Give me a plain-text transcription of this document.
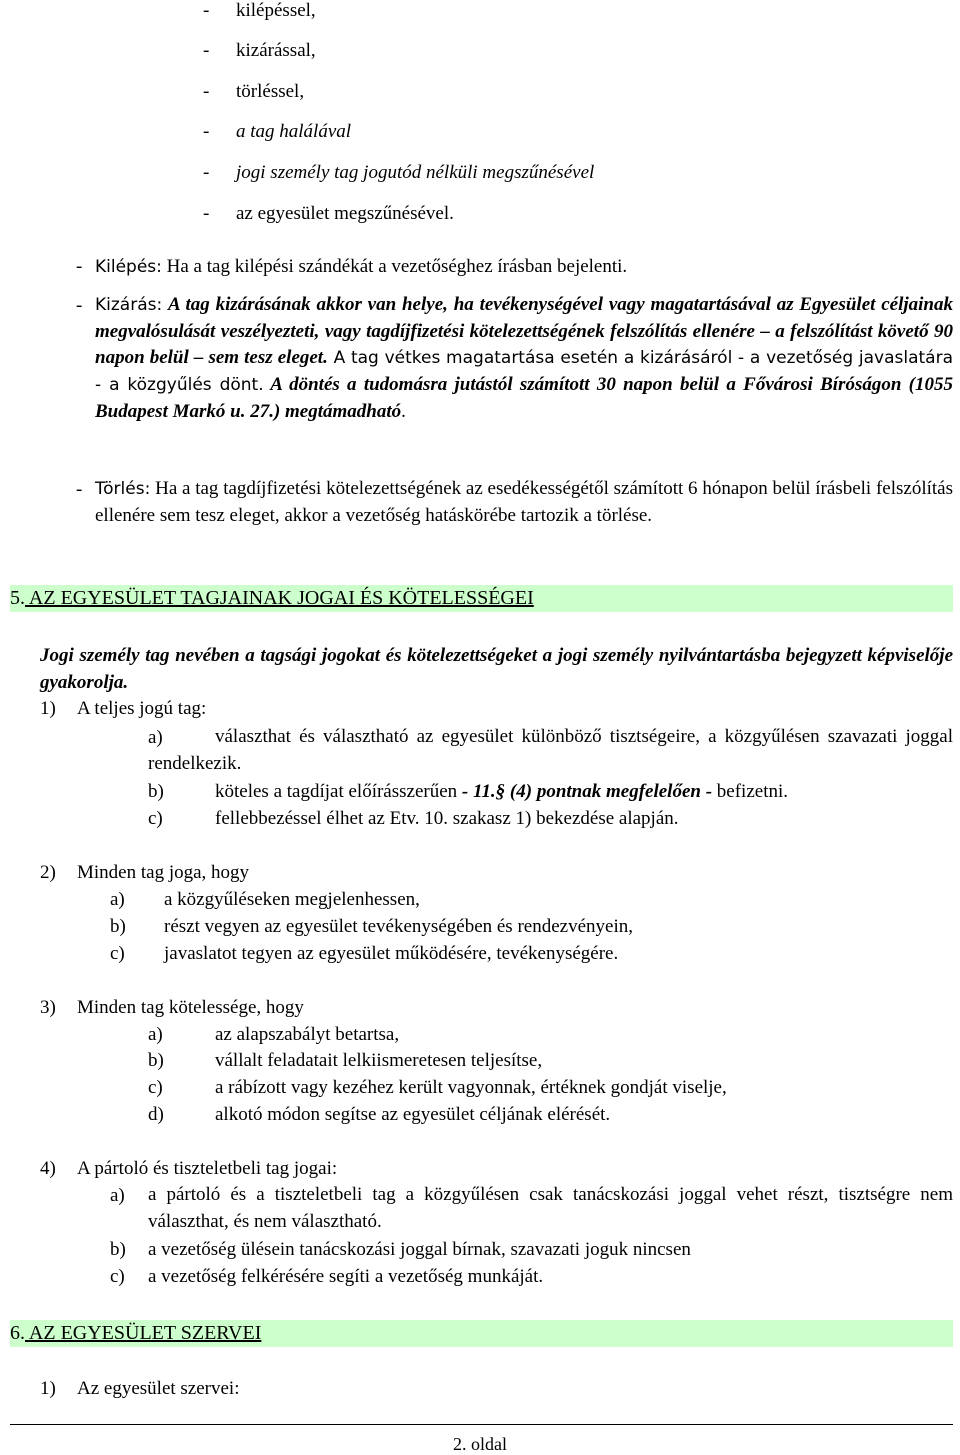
- kilépéssel,
- kizárással,
- törléssel,
- a tag halálával
- jogi személy tag jogutód nélküli megszűnésével
- az egyesület megszűnésével.
- Kilépés: Ha a tag kilépési szándékát a vezetőséghez írásban bejelenti.
- Kizárás: A tag kizárásának akkor van helye, ha tevékenységével vagy magatartásával az Egyesület céljainak megvalósulását veszélyezteti, vagy tagdíjfizetési kötelezettségének felszólítás ellenére – a felszólítást követő 90 napon belül – sem tesz eleget. A tag vétkes magatartása esetén a kizárásáról - a vezetőség javaslatára - a közgyűlés dönt. A döntés a tudomásra jutástól számított 30 napon belül a Fővárosi Bíróságon (1055 Budapest Markó u. 27.) megtámadható.
- Törlés: Ha a tag tagdíjfizetési kötelezettségének az esedékességétől számított 6 hónapon belül írásbeli felszólítás ellenére sem tesz eleget, akkor a vezetőség hatáskörébe tartozik a törlése.
5. AZ EGYESÜLET TAGJAINAK JOGAI ÉS KÖTELESSÉGEI
Jogi személy tag nevében a tagsági jogokat és kötelezettségeket a jogi személy nyilvántartásba bejegyzett képviselője gyakorolja.
1) A teljes jogú tag:
a)	választhat és választható az egyesület különböző tisztségeire, a közgyűlésen szavazati joggal rendelkezik.
b)	köteles a tagdíjat előírásszerűen - 11.§ (4) pontnak megfelelően - befizetni.
c)	fellebbezéssel élhet az Etv. 10. szakasz 1) bekezdése alapján.
2) Minden tag joga, hogy
a) a közgyűléseken megjelenhessen,
b) részt vegyen az egyesület tevékenységében és rendezvényein,
c) javaslatot tegyen az egyesület működésére, tevékenységére.
3) Minden tag kötelessége, hogy
a)	az alapszabályt betartsa,
b)	vállalt feladatait lelkiismeretesen teljesítse,
c)	a rábízott vagy kezéhez került vagyonnak, értéknek gondját viselje,
d)	alkotó módon segítse az egyesület céljának elérését.
4) A pártoló és tiszteletbeli tag jogai:
a) a pártoló és a tiszteletbeli tag a közgyűlésen csak tanácskozási joggal vehet részt, tisztségre nem választhat, és nem választható.
b) a vezetőség ülésein tanácskozási joggal bírnak, szavazati joguk nincsen
c) a vezetőség felkérésére segíti a vezetőség munkáját.
6. AZ EGYESÜLET SZERVEI
1) Az egyesület szervei:
2. oldal
